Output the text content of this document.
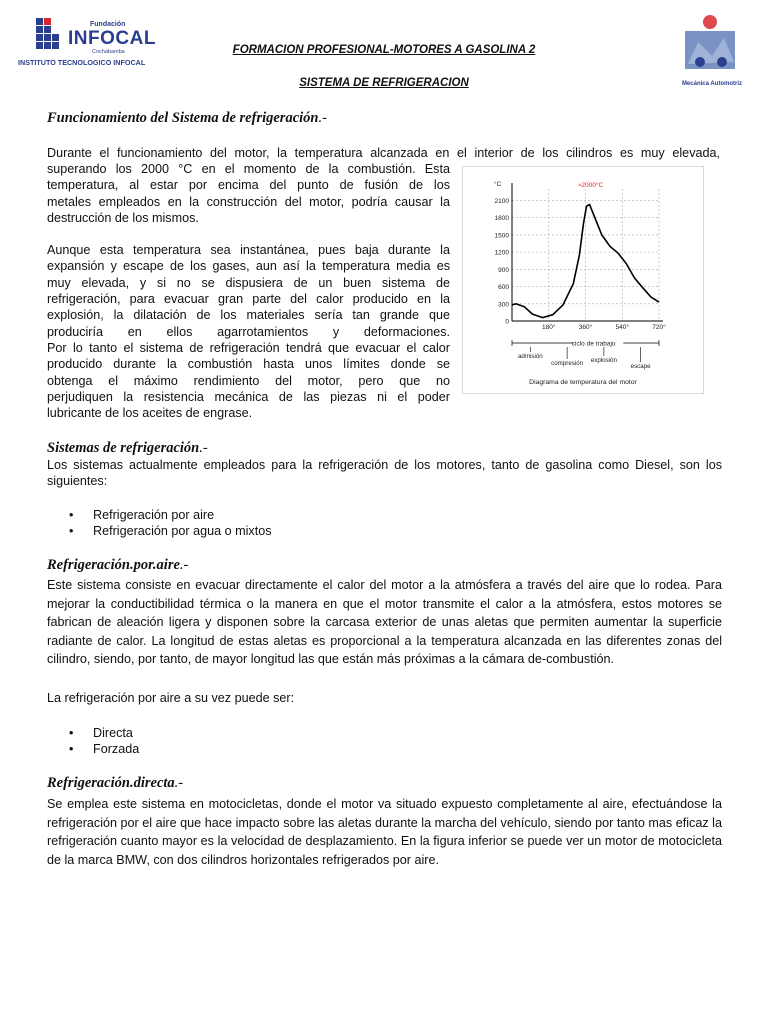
Fundación
INFOCAL
Cochabamba
INSTITUTO TECNOLOGICO INFOCAL
FORMACION PROFESIONAL-MOTORES A GASOLINA 2
SISTEMA DE REFRIGERACION	Mecánica Automotriz
Funcionamiento del Sistema de refrigeración.-
Durante el funcionamiento del motor, la temperatura alcanzada en el interior de los cilindros es muy elevada,
superando los 2000 °C en el momento de la combustión. Esta
temperatura, al estar por encima del punto de fusión de los
metales empleados en la construcción del motor, podría causar la
destrucción de los mismos.
Aunque esta temperatura sea instantánea, pues baja durante la
expansión y escape de los gases, aun así la temperatura media es
muy elevada, y si no se dispusiera de un buen sistema de
refrigeración, para evacuar gran parte del calor producido en la
explosión, la dilatación de los materiales sería tan grande que
produciría en ellos agarrotamientos y deformaciones.
Por lo tanto el sistema de refrigeración tendrá que evacuar el calor
producido durante la combustión hasta unos límites donde se
obtenga el máximo rendimiento del motor, pero que no
perjudiquen la resistencia mecánica de las piezas ni el poder
lubricante de los aceites de engrase.
2100
1800
1500
1200
900
600
300
0
°C
180°	360°	540°	720°
≈2000°C
ciclo de trabajo
admisión
compresión explosión
escape
Diagrama de temperatura del motor
Sistemas de refrigeración.-
Los sistemas actualmente empleados para la refrigeración de los motores, tanto de gasolina como Diesel, son los siguientes:
• Refrigeración por aire
• Refrigeración por agua o mixtos
Refrigeración.por.aire.-
Este sistema consiste en evacuar directamente el calor del motor a la atmósfera a través del aire que lo rodea. Para mejorar la conductibilidad térmica o la manera en que el motor transmite el calor a la atmósfera, estos motores se fabrican de aleación ligera y disponen sobre la carcasa exterior de unas aletas que permiten aumentar la superficie radiante de calor. La longitud de estas aletas es proporcional a la temperatura alcanzada en las diferentes zonas del cilindro, siendo, por tanto, de mayor longitud las que están más próximas a la cámara de-combustión.
La refrigeración por aire a su vez puede ser:
• Directa
• Forzada
Refrigeración.directa.-
Se emplea este sistema en motocicletas, donde el motor va situado expuesto completamente al aire, efectuándose la refrigeración por el aire que hace impacto sobre las aletas durante la marcha del vehículo, siendo por tanto mas eficaz la refrigeración cuanto mayor es la velocidad de desplazamiento. En la figura inferior se puede ver un motor de motocicleta de la marca BMW, con dos cilindros horizontales refrigerados por aire.
